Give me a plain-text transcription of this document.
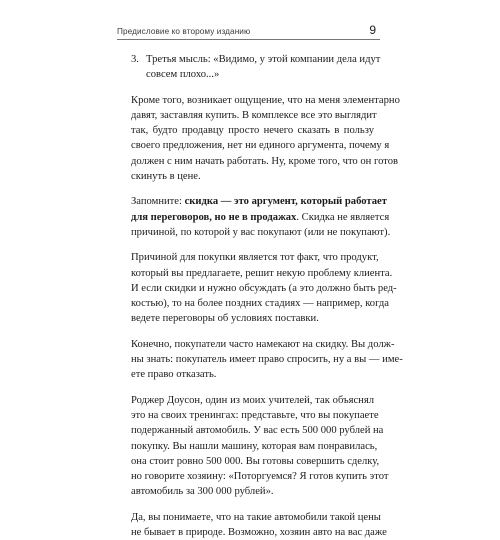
Предисловие ко второму изданию	9
3. Третья мысль: «Видимо, у этой компании дела идут
совсем плохо...»
Кроме того, возникает ощущение, что на меня элементарно
давят, заставляя купить. В комплексе все это выглядит
так, будто продавцу просто нечего сказать в пользу
своего предложения, нет ни единого аргумента, почему я
должен с ним начать работать. Ну, кроме того, что он готов
скинуть в цене.
Запомните: скидка — это аргумент, который работает
для переговоров, но не в продажах. Скидка не является
причиной, по которой у вас покупают (или не покупают).
Причиной для покупки является тот факт, что продукт,
который вы предлагаете, решит некую проблему клиента.
И если скидки и нужно обсуждать (а это должно быть ред-
костью), то на более поздних стадиях — например, когда
ведете переговоры об условиях поставки.
Конечно, покупатели часто намекают на скидку. Вы долж-
ны знать: покупатель имеет право спросить, ну а вы — име-
ете право отказать.
Роджер Доусон, один из моих учителей, так объяснял
это на своих тренингах: представьте, что вы покупаете
подержанный автомобиль. У вас есть 500 000 рублей на
покупку. Вы нашли машину, которая вам понравилась,
она стоит ровно 500 000. Вы готовы совершить сделку,
но говорите хозяину: «Поторгуемся? Я готов купить этот
автомобиль за 300 000 рублей».
Да, вы понимаете, что на такие автомобили такой цены
не бывает в природе. Возможно, хозяин авто на вас даже
